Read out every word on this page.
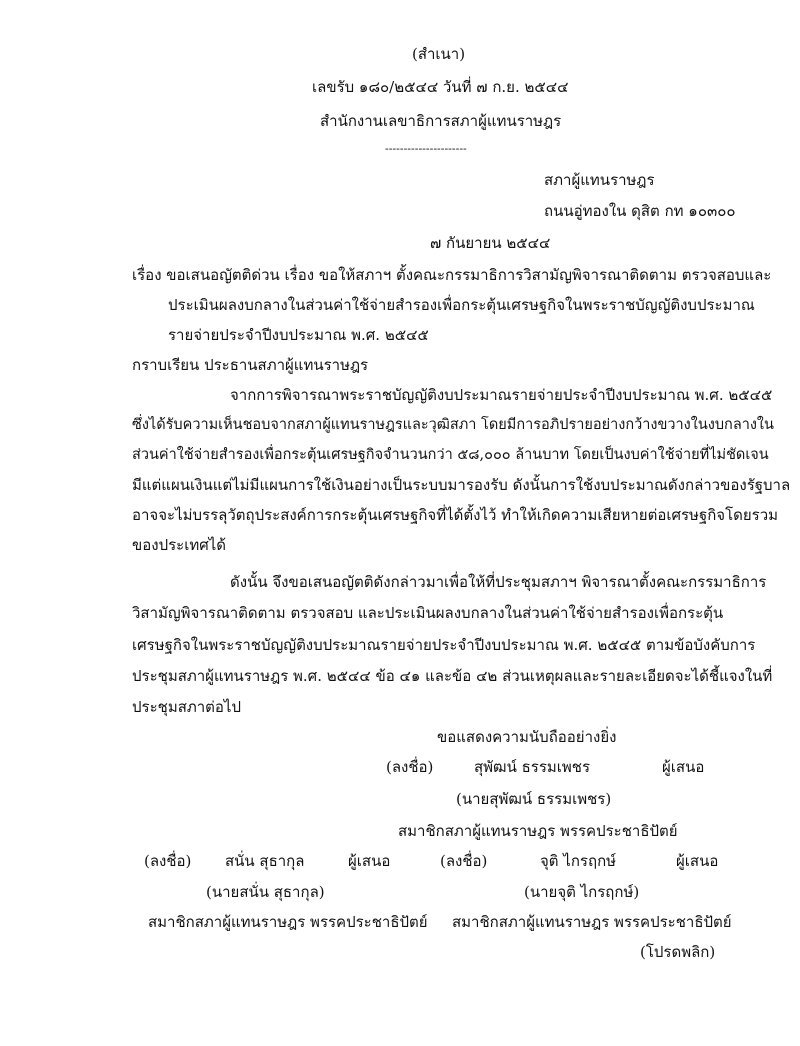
(สำเนา)
เลขรับ ๑๘๐/๒๕๔๔ วันที่ ๗ ก.ย. ๒๕๔๔
สำนักงานเลขาธิการสภาผู้แทนราษฎร
----------------------
สภาผู้แทนราษฎร
ถนนอู่ทองใน ดุสิต กท ๑๐๓๐๐
๗ กันยายน ๒๕๔๔
เรื่อง ขอเสนอญัตติด่วน เรื่อง ขอให้สภาฯ ตั้งคณะกรรมาธิการวิสามัญพิจารณาติดตาม ตรวจสอบและ
ประเมินผลงบกลางในส่วนค่าใช้จ่ายสำรองเพื่อกระตุ้นเศรษฐกิจในพระราชบัญญัติงบประมาณ
รายจ่ายประจำปีงบประมาณ พ.ศ. ๒๕๔๕
กราบเรียน ประธานสภาผู้แทนราษฎร
จากการพิจารณาพระราชบัญญัติงบประมาณรายจ่ายประจำปีงบประมาณ พ.ศ. ๒๕๔๕
ซึ่งได้รับความเห็นชอบจากสภาผู้แทนราษฎรและวุฒิสภา โดยมีการอภิปรายอย่างกว้างขวางในงบกลางใน
ส่วนค่าใช้จ่ายสำรองเพื่อกระตุ้นเศรษฐกิจจำนวนกว่า ๕๘,๐๐๐ ล้านบาท โดยเป็นงบค่าใช้จ่ายที่ไม่ชัดเจน
มีแต่แผนเงินแต่ไม่มีแผนการใช้เงินอย่างเป็นระบบมารองรับ ดังนั้นการใช้งบประมาณดังกล่าวของรัฐบาล
อาจจะไม่บรรลุวัตถุประสงค์การกระตุ้นเศรษฐกิจที่ได้ตั้งไว้ ทำให้เกิดความเสียหายต่อเศรษฐกิจโดยรวม
ของประเทศได้
ดังนั้น จึงขอเสนอญัตติดังกล่าวมาเพื่อให้ที่ประชุมสภาฯ พิจารณาตั้งคณะกรรมาธิการ
วิสามัญพิจารณาติดตาม ตรวจสอบ และประเมินผลงบกลางในส่วนค่าใช้จ่ายสำรองเพื่อกระตุ้น
เศรษฐกิจในพระราชบัญญัติงบประมาณรายจ่ายประจำปีงบประมาณ พ.ศ. ๒๕๔๕ ตามข้อบังคับการ
ประชุมสภาผู้แทนราษฎร พ.ศ. ๒๕๔๔ ข้อ ๔๑ และข้อ ๔๒ ส่วนเหตุผลและรายละเอียดจะได้ชี้แจงในที่
ประชุมสภาต่อไป
ขอแสดงความนับถืออย่างยิ่ง
(ลงชื่อ)	สุพัฒน์ ธรรมเพชร	ผู้เสนอ
(นายสุพัฒน์ ธรรมเพชร)
สมาชิกสภาผู้แทนราษฎร พรรคประชาธิปัตย์
(ลงชื่อ) สนั่น สุธากุล	ผู้เสนอ
(นายสนั่น สุธากุล)
สมาชิกสภาผู้แทนราษฎร พรรคประชาธิปัตย์
(ลงชื่อ)	จุติ ไกรฤกษ์	ผู้เสนอ
(นายจุติ ไกรฤกษ์)
สมาชิกสภาผู้แทนราษฎร พรรคประชาธิปัตย์
(โปรดพลิก)
